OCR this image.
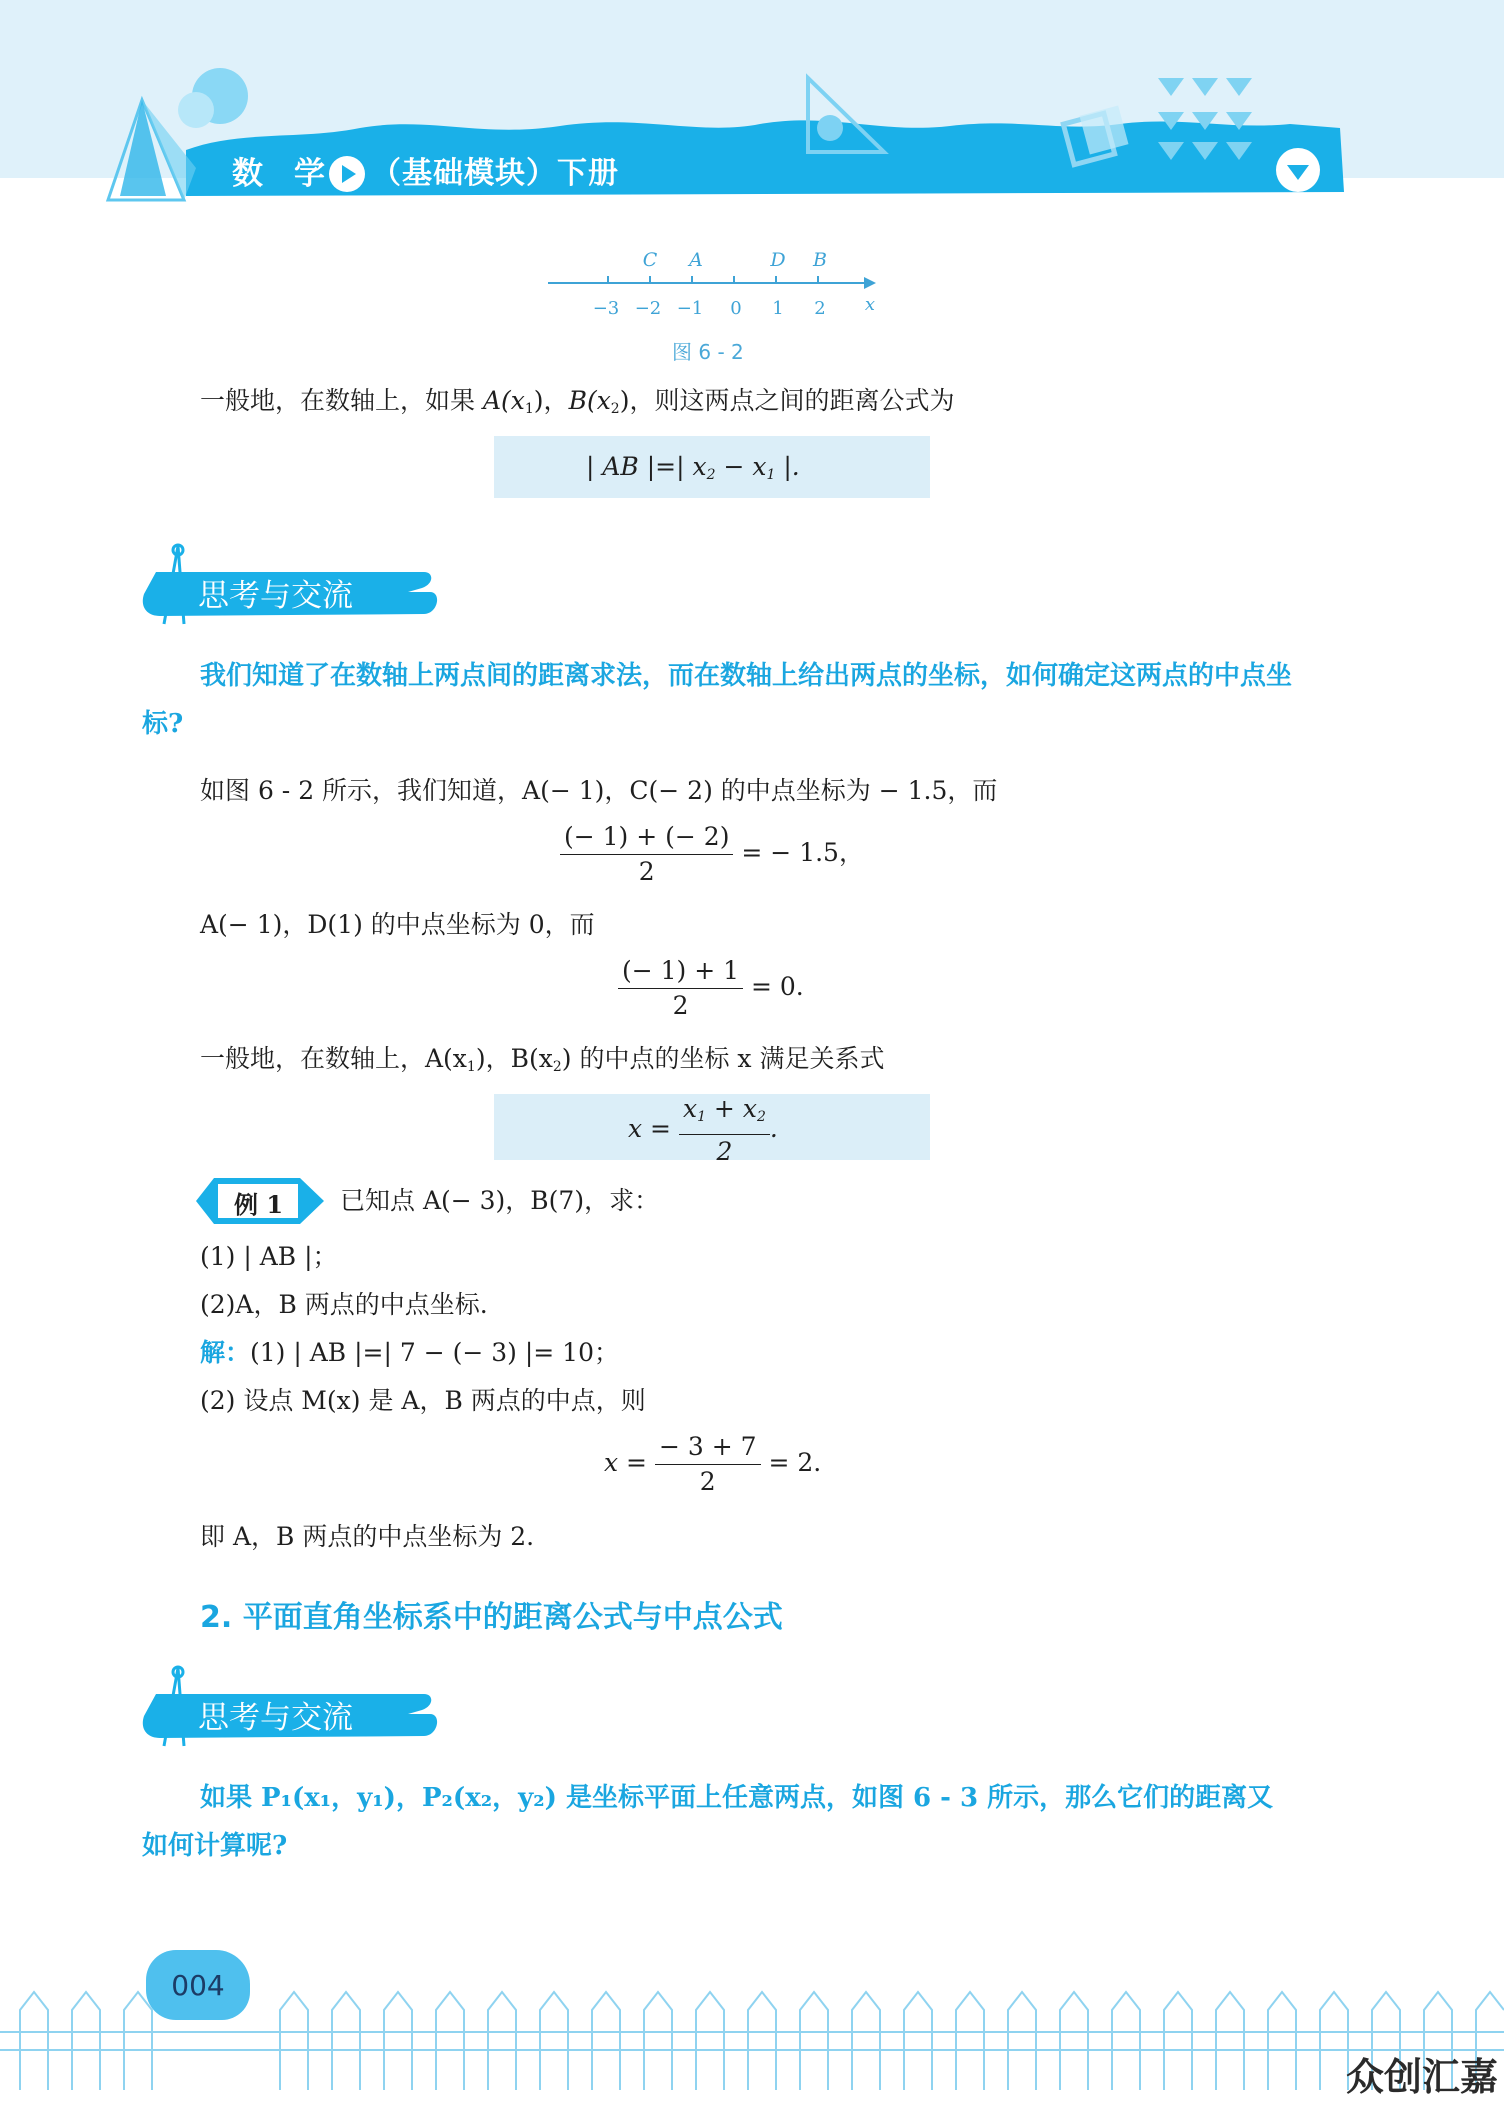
数　学 （基础模块）下册
C A	D B
−3 −2 −1 0 1 2 x
图 6 - 2
一般地，在数轴上，如果 $A(x_1)$，$B(x_2)$，则这两点之间的距离公式为
| AB |=| $x_2 - x_1$ |.
思考与交流
我们知道了在数轴上两点间的距离求法，而在数轴上给出两点的坐标，如何确定这两点的中点坐标?
如图 6 - 2 所示，我们知道，A(− 1)，C(− 2) 的中点坐标为 − 1.5，而
$\frac{(- 1) + (- 2)}{2}$ = − 1.5，
A(− 1)，D(1) 的中点坐标为 0，而
$\frac{(- 1) + 1}{2} = 0$.
一般地，在数轴上，$A(x_1)$，$B(x_2)$ 的中点的坐标 x 满足关系式
$x = \frac{x_1 + x_2}{2}$ .
例 1 已知点 A(− 3)，B(7)，求：
(1) | AB |；
(2)A，B 两点的中点坐标.
解：(1) | AB |=| 7 − (− 3) |= 10；
(2) 设点 M(x) 是 A，B 两点的中点，则
$x = \frac{- 3 + 7}{2} = 2$.
即 A，B 两点的中点坐标为 2.
2. 平面直角坐标系中的距离公式与中点公式
思考与交流
如果 P₁(x₁，y₁)，P₂(x₂，y₂) 是坐标平面上任意两点，如图 6 - 3 所示，那么它们的距离又如何计算呢?
004
众创汇嘉
